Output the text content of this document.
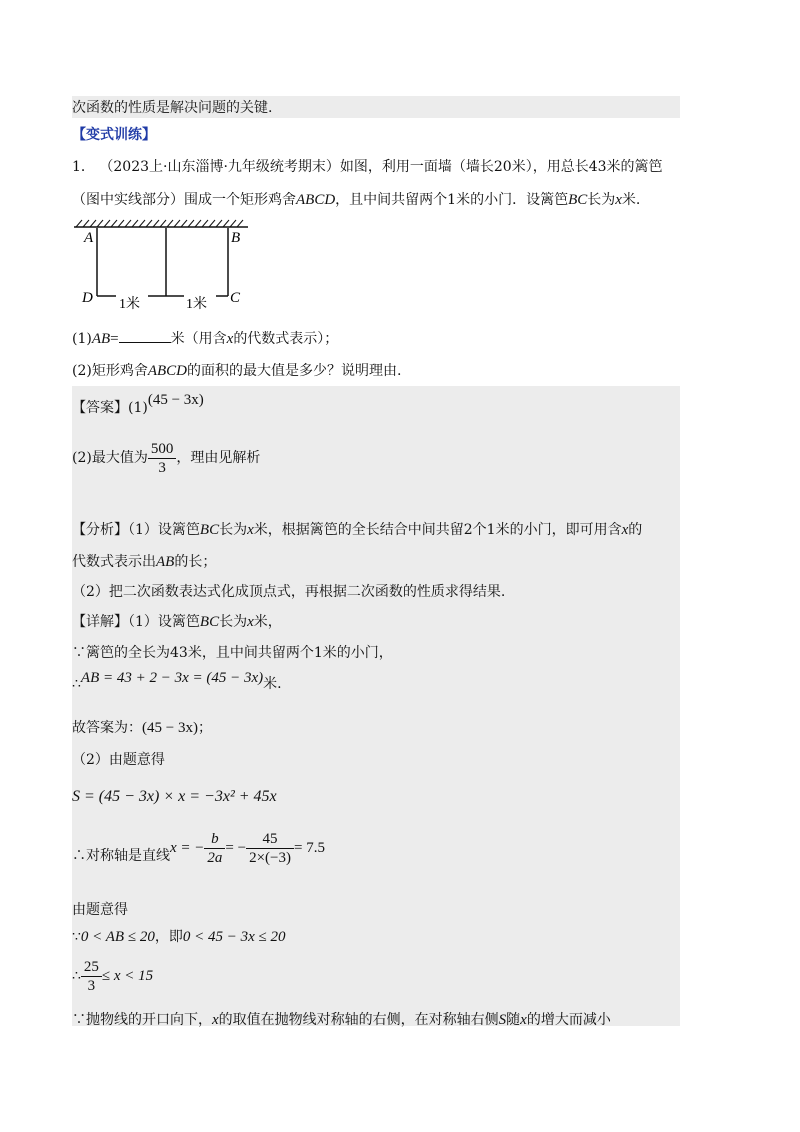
次函数的性质是解决问题的关键.
【变式训练】
1． （2023上·山东淄博·九年级统考期末）如图，利用一面墙（墙长20米），用总长43米的篱笆
（图中实线部分）围成一个矩形鸡舍ABCD，且中间共留两个1米的小门．设篱笆BC长为x米.
A	B
D	C
1米	1米
(1)AB=	米（用含x的代数式表示）；
(2)矩形鸡舍ABCD的面积的最大值是多少？说明理由.
【答案】(1)(45 − 3x)
(2)最大值为 $\frac{500}{3}$ ，理由见解析
【分析】（1）设篱笆BC长为x米，根据篱笆的全长结合中间共留2个1米的小门，即可用含x的
代数式表示出AB的长；
（2）把二次函数表达式化成顶点式，再根据二次函数的性质求得结果.
【详解】（1）设篱笆BC长为x米，
∵篱笆的全长为43米，且中间共留两个1米的小门，
∴AB = 43 + 2 − 3x = (45 − 3x)米.
故答案为：(45 − 3x)；
（2）由题意得
S = (45 − 3x) × x = −3x² + 45x
∴对称轴是直线x = − $\frac{b}{2a}$ = − $\frac{45}{2\times(-3)} = 7.5$
由题意得
∵0 < AB ≤ 20，即0 < 45 − 3x ≤ 20
∴ $\frac{25}{3} \le x < 15$
∵抛物线的开口向下，x的取值在抛物线对称轴的右侧，在对称轴右侧S随x的增大而减小
